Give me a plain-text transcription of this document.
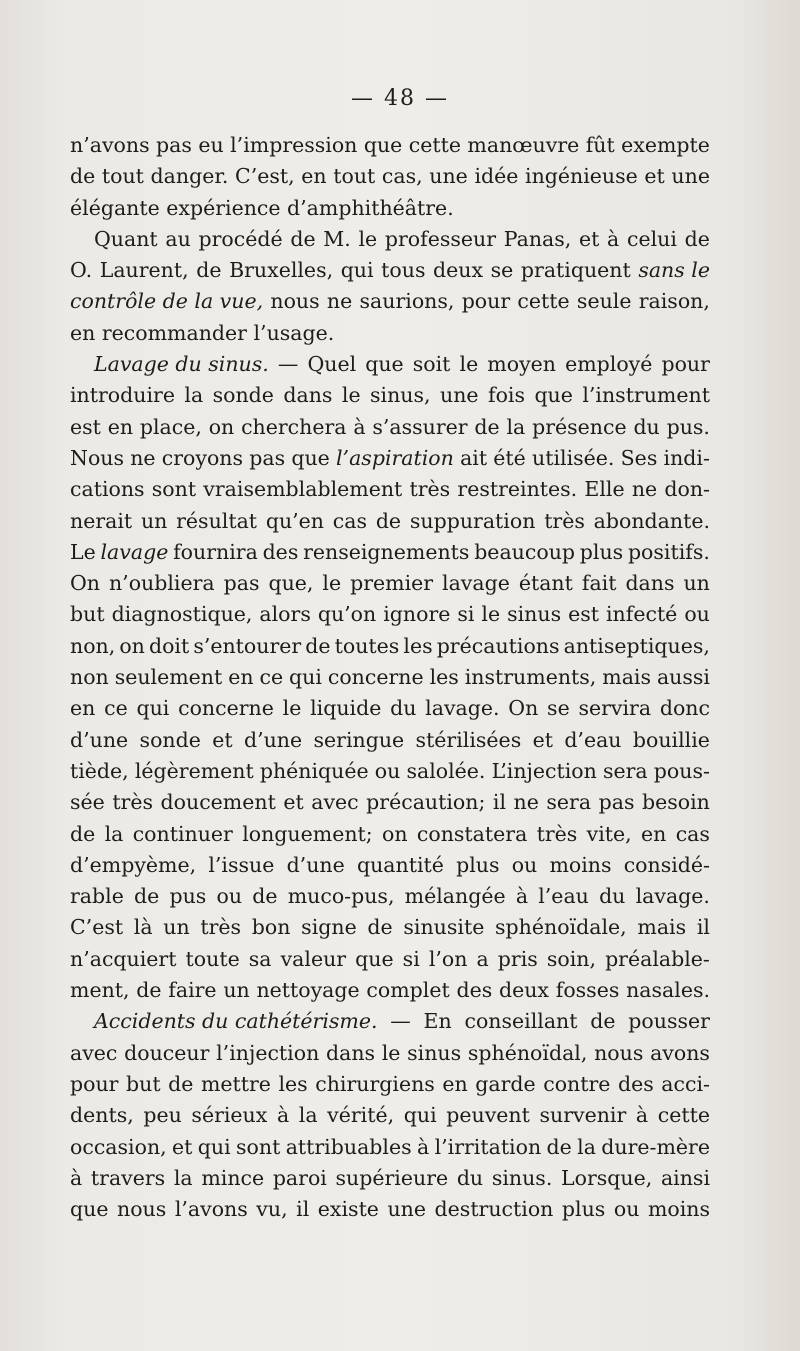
— 48 —
n’avons pas eu l’impression que cette manœuvre fût exempte
de tout danger. C’est, en tout cas, une idée ingénieuse et une
élégante expérience d’amphithéâtre.
Quant au procédé de M. le professeur Panas, et à celui de
O. Laurent, de Bruxelles, qui tous deux se pratiquent sans le
contrôle de la vue, nous ne saurions, pour cette seule raison,
en recommander l’usage.
Lavage du sinus. — Quel que soit le moyen employé pour
introduire la sonde dans le sinus, une fois que l’instrument
est en place, on cherchera à s’assurer de la présence du pus.
Nous ne croyons pas que l’aspiration ait été utilisée. Ses indi-
cations sont vraisemblablement très restreintes. Elle ne don-
nerait un résultat qu’en cas de suppuration très abondante.
Le lavage fournira des renseignements beaucoup plus positifs.
On n’oubliera pas que, le premier lavage étant fait dans un
but diagnostique, alors qu’on ignore si le sinus est infecté ou
non, on doit s’entourer de toutes les précautions antiseptiques,
non seulement en ce qui concerne les instruments, mais aussi
en ce qui concerne le liquide du lavage. On se servira donc
d’une sonde et d’une seringue stérilisées et d’eau bouillie
tiède, légèrement phéniquée ou salolée. L’injection sera pous-
sée très doucement et avec précaution; il ne sera pas besoin
de la continuer longuement; on constatera très vite, en cas
d’empyème, l’issue d’une quantité plus ou moins considé-
rable de pus ou de muco-pus, mélangée à l’eau du lavage.
C’est là un très bon signe de sinusite sphénoïdale, mais il
n’acquiert toute sa valeur que si l’on a pris soin, préalable-
ment, de faire un nettoyage complet des deux fosses nasales.
Accidents du cathétérisme. — En conseillant de pousser
avec douceur l’injection dans le sinus sphénoïdal, nous avons
pour but de mettre les chirurgiens en garde contre des acci-
dents, peu sérieux à la vérité, qui peuvent survenir à cette
occasion, et qui sont attribuables à l’irritation de la dure-mère
à travers la mince paroi supérieure du sinus. Lorsque, ainsi
que nous l’avons vu, il existe une destruction plus ou moins
